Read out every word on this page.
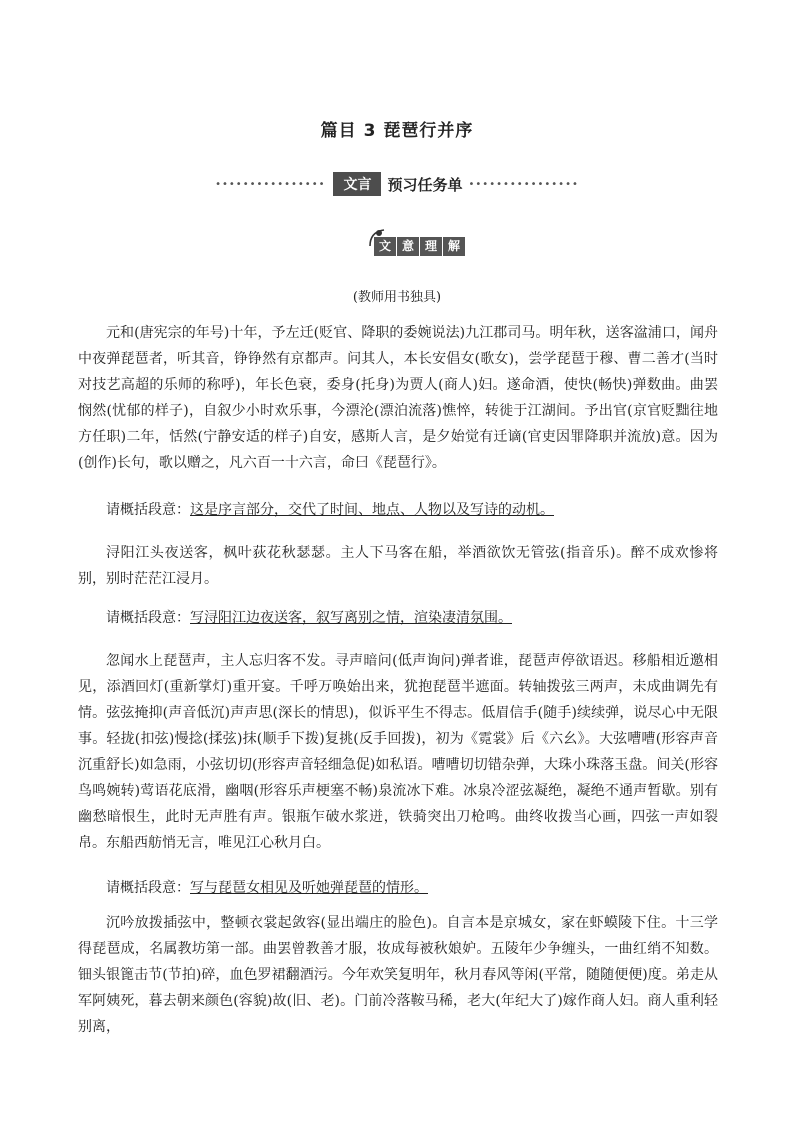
篇目 3 琵琶行并序
••••••••••••••••	文言	预习任务单 ••••••••••••••••
文 意 理 解
(教师用书独具)

元和(唐宪宗的年号)十年，予左迁(贬官、降职的委婉说法)九江郡司马。明年秋，送客湓浦口，闻舟中夜弹琵琶者，听其音，铮铮然有京都声。问其人，本长安倡女(歌女)，尝学琵琶于穆、曹二善才(当时对技艺高超的乐师的称呼)，年长色衰，委身(托身)为贾人(商人)妇。遂命酒，使快(畅快)弹数曲。曲罢悯然(忧郁的样子)，自叙少小时欢乐事，今漂沦(漂泊流落)憔悴，转徙于江湖间。予出官(京官贬黜往地方任职)二年，恬然(宁静安适的样子)自安，感斯人言，是夕始觉有迁谪(官吏因罪降职并流放)意。因为(创作)长句，歌以赠之，凡六百一十六言，命曰《琵琶行》。

请概括段意：这是序言部分，交代了时间、地点、人物以及写诗的动机。

浔阳江头夜送客，枫叶荻花秋瑟瑟。主人下马客在船，举酒欲饮无管弦(指音乐)。醉不成欢惨将别，别时茫茫江浸月。

请概括段意：写浔阳江边夜送客，叙写离别之情，渲染凄清氛围。

忽闻水上琵琶声，主人忘归客不发。寻声暗问(低声询问)弹者谁，琵琶声停欲语迟。移船相近邀相见，添酒回灯(重新掌灯)重开宴。千呼万唤始出来，犹抱琵琶半遮面。转轴拨弦三两声，未成曲调先有情。弦弦掩抑(声音低沉)声声思(深长的情思)，似诉平生不得志。低眉信手(随手)续续弹，说尽心中无限事。轻拢(扣弦)慢捻(揉弦)抹(顺手下拨)复挑(反手回拨)，初为《霓裳》后《六幺》。大弦嘈嘈(形容声音沉重舒长)如急雨，小弦切切(形容声音轻细急促)如私语。嘈嘈切切错杂弹，大珠小珠落玉盘。间关(形容鸟鸣婉转)莺语花底滑，幽咽(形容乐声梗塞不畅)泉流冰下难。冰泉冷涩弦凝绝，凝绝不通声暂歇。别有幽愁暗恨生，此时无声胜有声。银瓶乍破水浆迸，铁骑突出刀枪鸣。曲终收拨当心画，四弦一声如裂帛。东船西舫悄无言，唯见江心秋月白。

请概括段意：写与琵琶女相见及听她弹琵琶的情形。

沉吟放拨插弦中，整顿衣裳起敛容(显出端庄的脸色)。自言本是京城女，家在虾蟆陵下住。十三学得琵琶成，名属教坊第一部。曲罢曾教善才服，妆成每被秋娘妒。五陵年少争缠头，一曲红绡不知数。钿头银篦击节(节拍)碎，血色罗裙翻酒污。今年欢笑复明年，秋月春风等闲(平常，随随便便)度。弟走从军阿姨死，暮去朝来颜色(容貌)故(旧、老)。门前冷落鞍马稀，老大(年纪大了)嫁作商人妇。商人重利轻别离，
